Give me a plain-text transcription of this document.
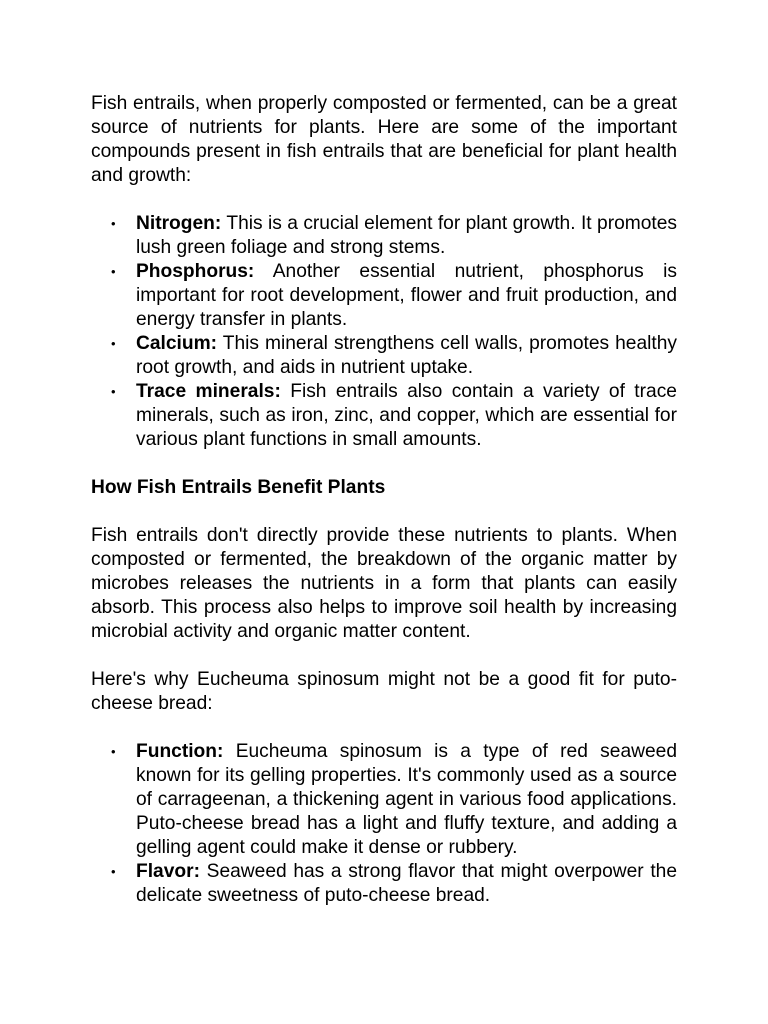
Fish entrails, when properly composted or fermented, can be a great source of nutrients for plants. Here are some of the important compounds present in fish entrails that are beneficial for plant health and growth:

• Nitrogen: This is a crucial element for plant growth. It promotes lush green foliage and strong stems.
• Phosphorus: Another essential nutrient, phosphorus is important for root development, flower and fruit production, and energy transfer in plants.
• Calcium: This mineral strengthens cell walls, promotes healthy root growth, and aids in nutrient uptake.
• Trace minerals: Fish entrails also contain a variety of trace minerals, such as iron, zinc, and copper, which are essential for various plant functions in small amounts.

How Fish Entrails Benefit Plants

Fish entrails don't directly provide these nutrients to plants. When composted or fermented, the breakdown of the organic matter by microbes releases the nutrients in a form that plants can easily absorb. This process also helps to improve soil health by increasing microbial activity and organic matter content.

Here's why Eucheuma spinosum might not be a good fit for puto-cheese bread:

• Function: Eucheuma spinosum is a type of red seaweed known for its gelling properties. It's commonly used as a source of carrageenan, a thickening agent in various food applications. Puto-cheese bread has a light and fluffy texture, and adding a gelling agent could make it dense or rubbery.
• Flavor: Seaweed has a strong flavor that might overpower the delicate sweetness of puto-cheese bread.
